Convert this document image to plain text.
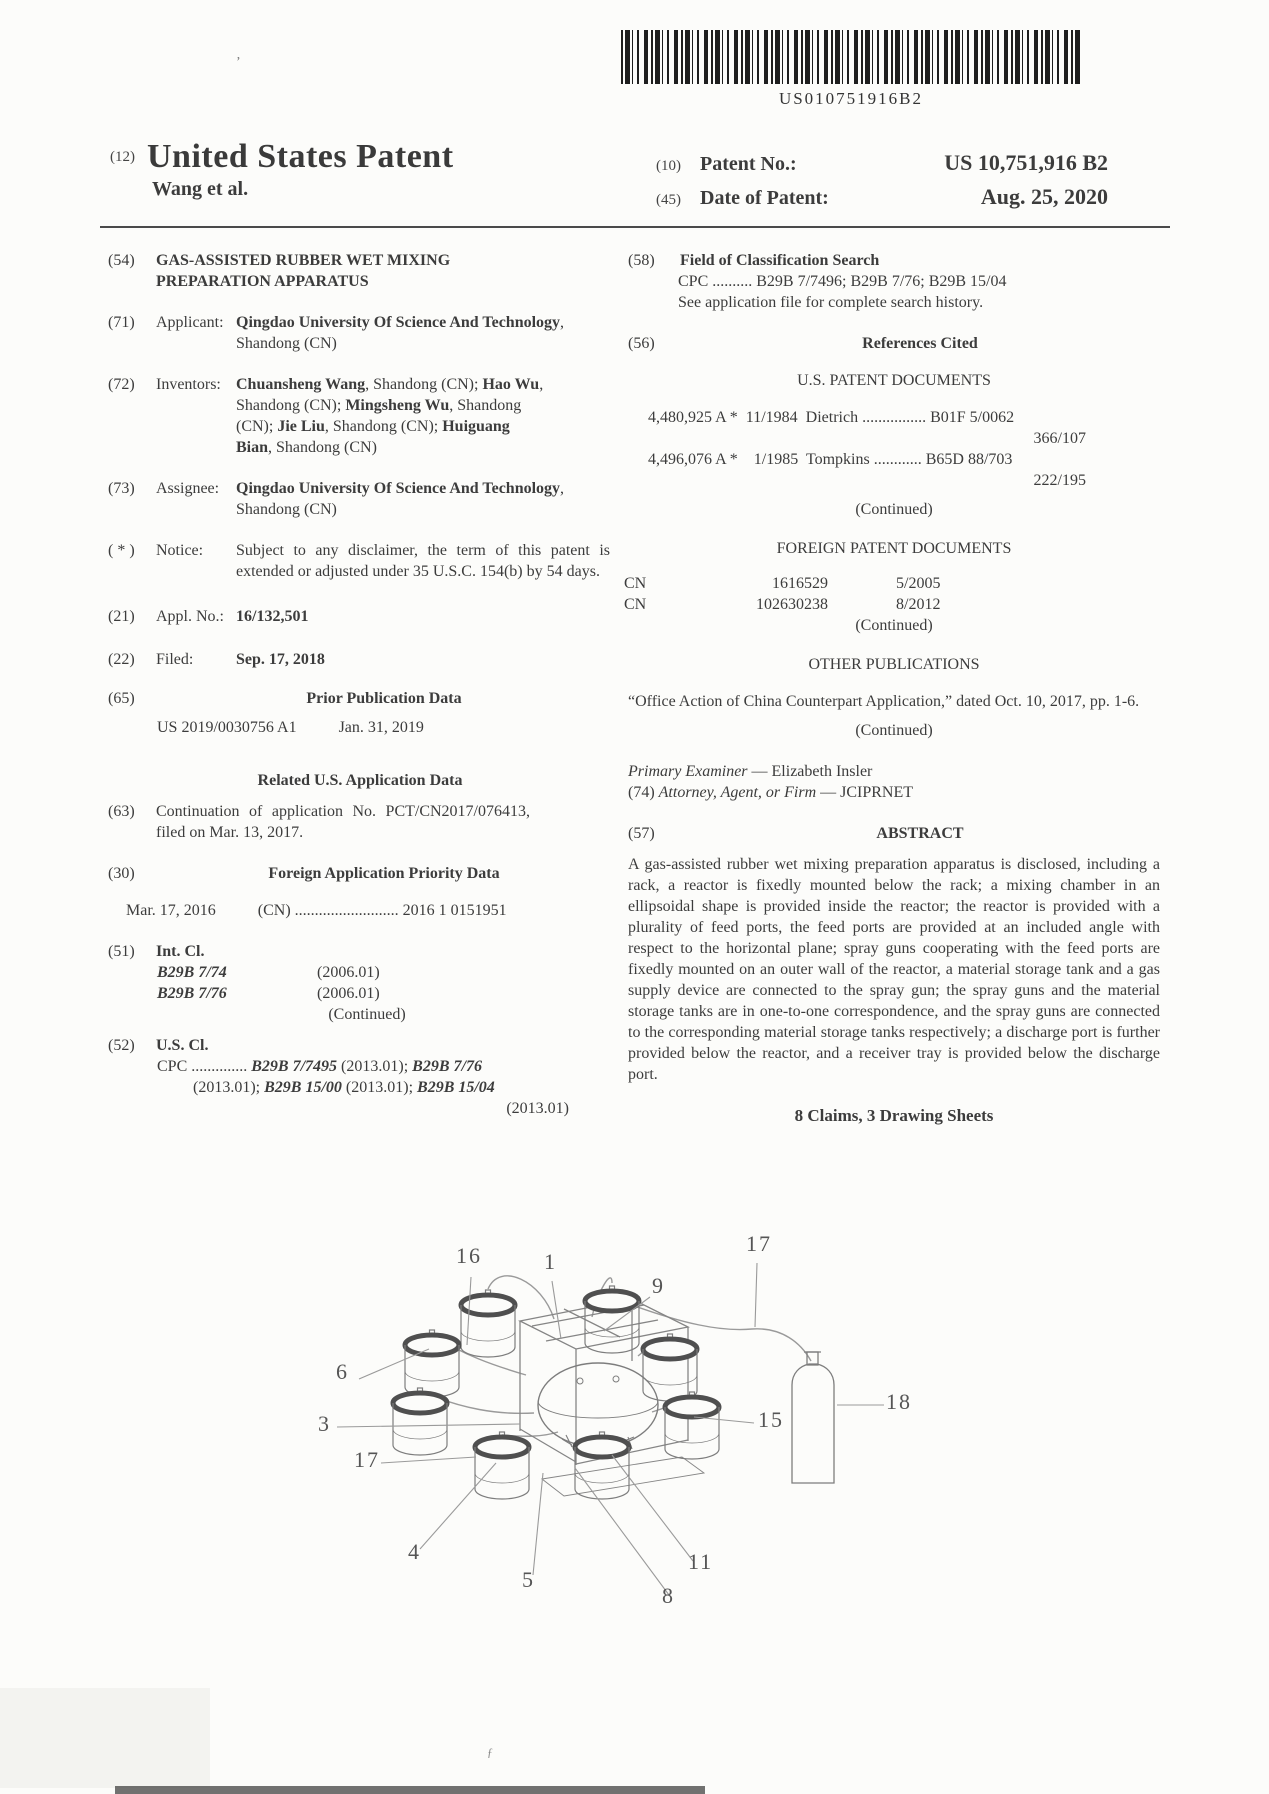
’
US010751916B2
(12) United States Patent
Wang et al.
(10) Patent No.:	US 10,751,916 B2
(45) Date of Patent:	Aug. 25, 2020
(54)	GAS-ASSISTED RUBBER WET MIXING PREPARATION APPARATUS
(71)	Applicant: Qingdao University Of Science And Technology, Shandong (CN)
(72)	Inventors: Chuansheng Wang, Shandong (CN); Hao Wu, Shandong (CN); Mingsheng Wu, Shandong (CN); Jie Liu, Shandong (CN); Huiguang Bian, Shandong (CN)
(73)	Assignee:	Qingdao University Of Science And Technology, Shandong (CN)
( * )	Notice:	Subject to any disclaimer, the term of this patent is extended or adjusted under 35 U.S.C. 154(b) by 54 days.
(21)	Appl. No.: 16/132,501
(22)	Filed:	Sep. 17, 2018
(65)	Prior Publication Data
US 2019/0030756 A1	Jan. 31, 2019
Related U.S. Application Data
(63)	Continuation of application No. PCT/CN2017/076413, filed on Mar. 13, 2017.
(30)	Foreign Application Priority Data
Mar. 17, 2016	(CN) .......................... 2016 1 0151951
(51)	Int. Cl.
B29B 7/74	(2006.01)
B29B 7/76	(2006.01)
(Continued)
(52)	U.S. Cl.
CPC .............. B29B 7/7495 (2013.01); B29B 7/76
(2013.01); B29B 15/00 (2013.01); B29B 15/04
(2013.01)
(58)	Field of Classification Search
CPC .......... B29B 7/7496; B29B 7/76; B29B 15/04
See application file for complete search history.
(56)	References Cited
U.S. PATENT DOCUMENTS
4,480,925 A *  11/1984  Dietrich ................ B01F 5/0062
366/107
4,496,076 A *    1/1985  Tompkins ............ B65D 88/703
222/195
(Continued)
FOREIGN PATENT DOCUMENTS
CN	1616529	5/2005
CN	102630238	8/2012
(Continued)
OTHER PUBLICATIONS
“Office Action of China Counterpart Application,” dated Oct. 10, 2017, pp. 1-6.
(Continued)
Primary Examiner — Elizabeth Insler
(74) Attorney, Agent, or Firm — JCIPRNET
(57)	ABSTRACT
A gas-assisted rubber wet mixing preparation apparatus is disclosed, including a rack, a reactor is fixedly mounted below the rack; a mixing chamber in an ellipsoidal shape is provided inside the reactor; the reactor is provided with a plurality of feed ports, the feed ports are provided at an included angle with respect to the horizontal plane; spray guns cooperating with the feed ports are fixedly mounted on an outer wall of the reactor, a material storage tank and a gas supply device are connected to the spray gun; the spray guns and the material storage tanks are in one-to-one correspondence, and the spray guns are connected to the corresponding material storage tanks respectively; a discharge port is further provided below the reactor, and a receiver tray is provided below the discharge port.
8 Claims, 3 Drawing Sheets
16	1
9
17
18
6
3	15
17
4
5
11
8
ƒ
